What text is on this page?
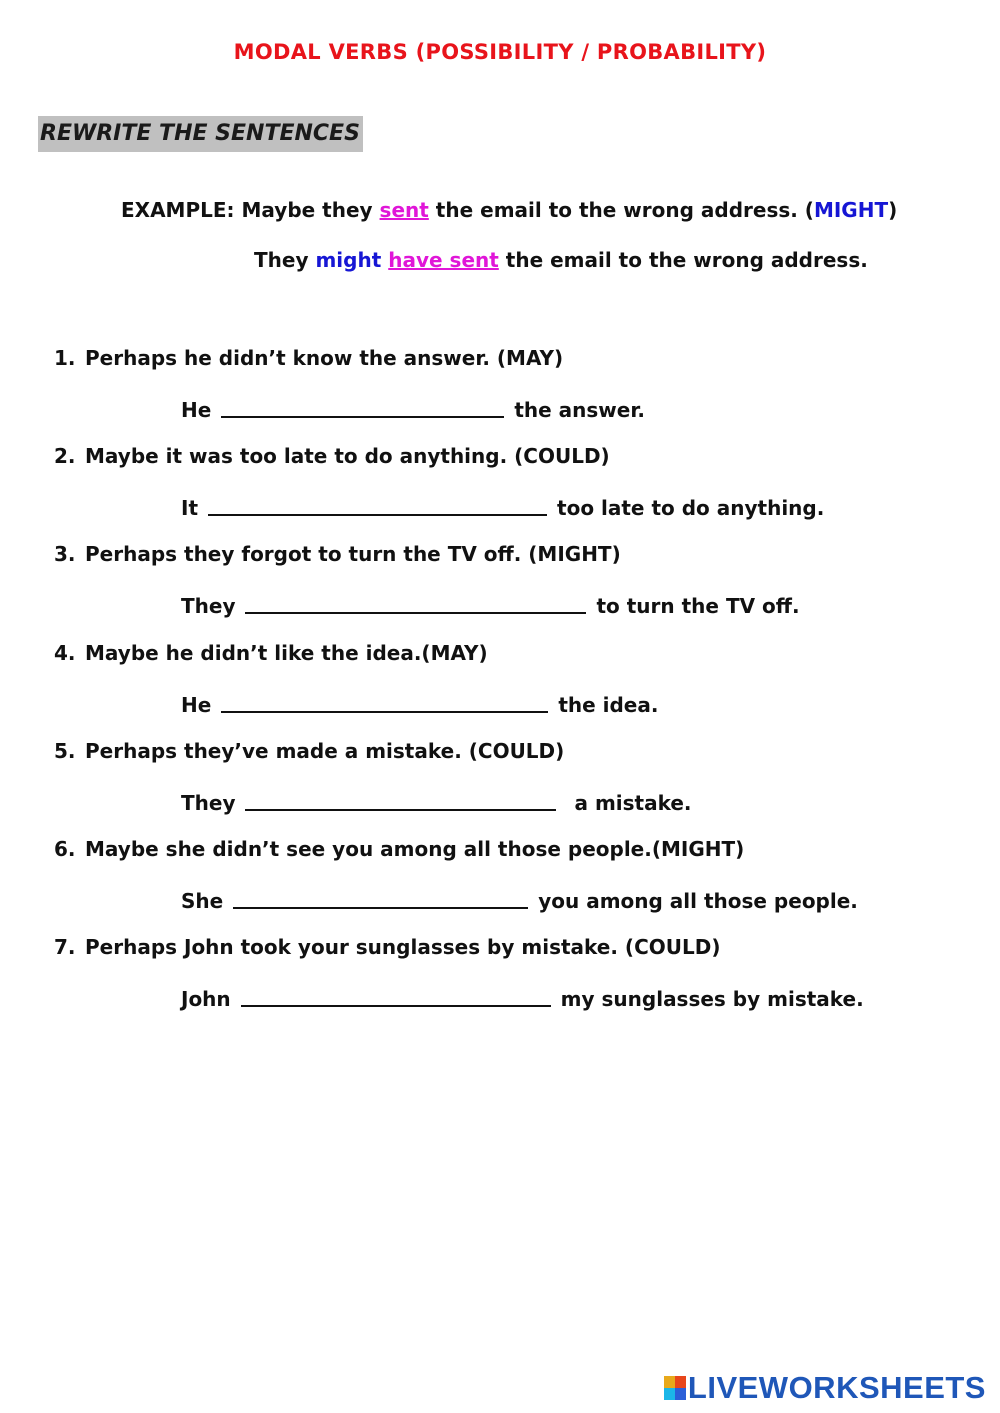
MODAL VERBS (POSSIBILITY / PROBABILITY)
REWRITE THE SENTENCES
EXAMPLE: Maybe they sent the email to the wrong address. (MIGHT)
They might have sent the email to the wrong address.
1. Perhaps he didn’t know the answer. (MAY)
He	the answer.
2. Maybe it was too late to do anything. (COULD)
It	too late to do anything.
3. Perhaps they forgot to turn the TV off. (MIGHT)
They	to turn the TV off.
4. Maybe he didn’t like the idea.(MAY)
He	the idea.
5. Perhaps they’ve made a mistake. (COULD)
They	a mistake.
6. Maybe she didn’t see you among all those people.(MIGHT)
She	you among all those people.
7. Perhaps John took your sunglasses by mistake. (COULD)
John	my sunglasses by mistake.
LIVEWORKSHEETS
